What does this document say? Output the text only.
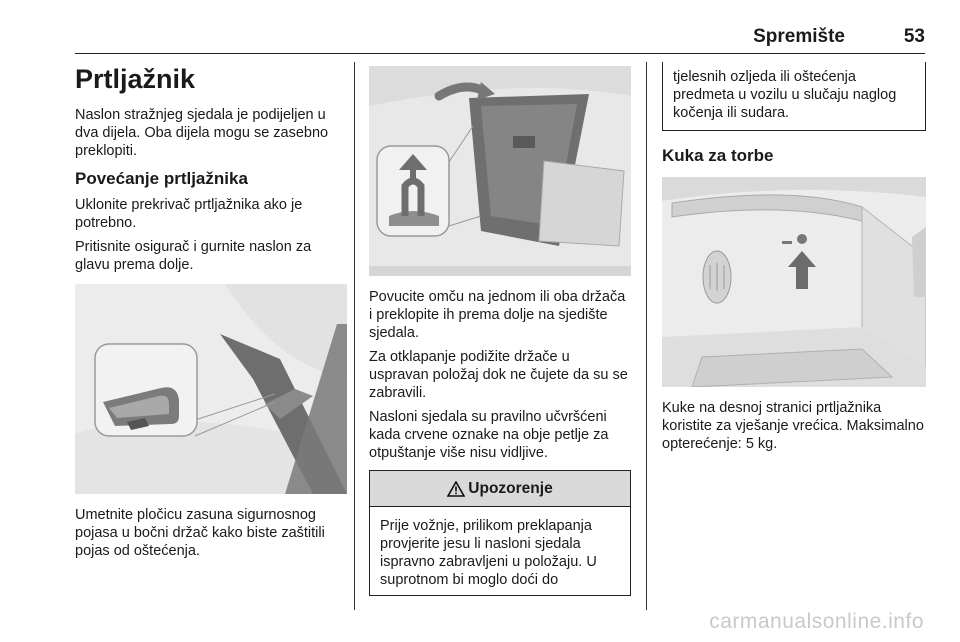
Spremište	53
Prtljažnik

Naslon stražnjeg sjedala je podijeljen u dva dijela. Oba dijela mogu se zasebno preklopiti.

Povećanje prtljažnika

Uklonite prekrivač prtljažnika ako je potrebno.

Pritisnite osigurač i gurnite naslon za glavu prema dolje.

Umetnite pločicu zasuna sigurnosnog pojasa u bočni držač kako biste zaštitili pojas od oštećenja.

Povucite omču na jednom ili oba držača i preklopite ih prema dolje na sjedište sjedala.

Za otklapanje podižite držače u uspravan položaj dok ne čujete da su se zabravili.

Nasloni sjedala su pravilno učvršćeni kada crvene oznake na obje petlje za otpuštanje više nisu vidljive.

Upozorenje
Prije vožnje, prilikom preklapanja provjerite jesu li nasloni sjedala ispravno zabravljeni u položaju. U suprotnom bi moglo doći do
tjelesnih ozljeda ili oštećenja predmeta u vozilu u slučaju naglog kočenja ili sudara.
Kuka za torbe

Kuke na desnoj stranici prtljažnika koristite za vješanje vrećica. Maksimalno opterećenje: 5 kg.

carmanualsonline.info
